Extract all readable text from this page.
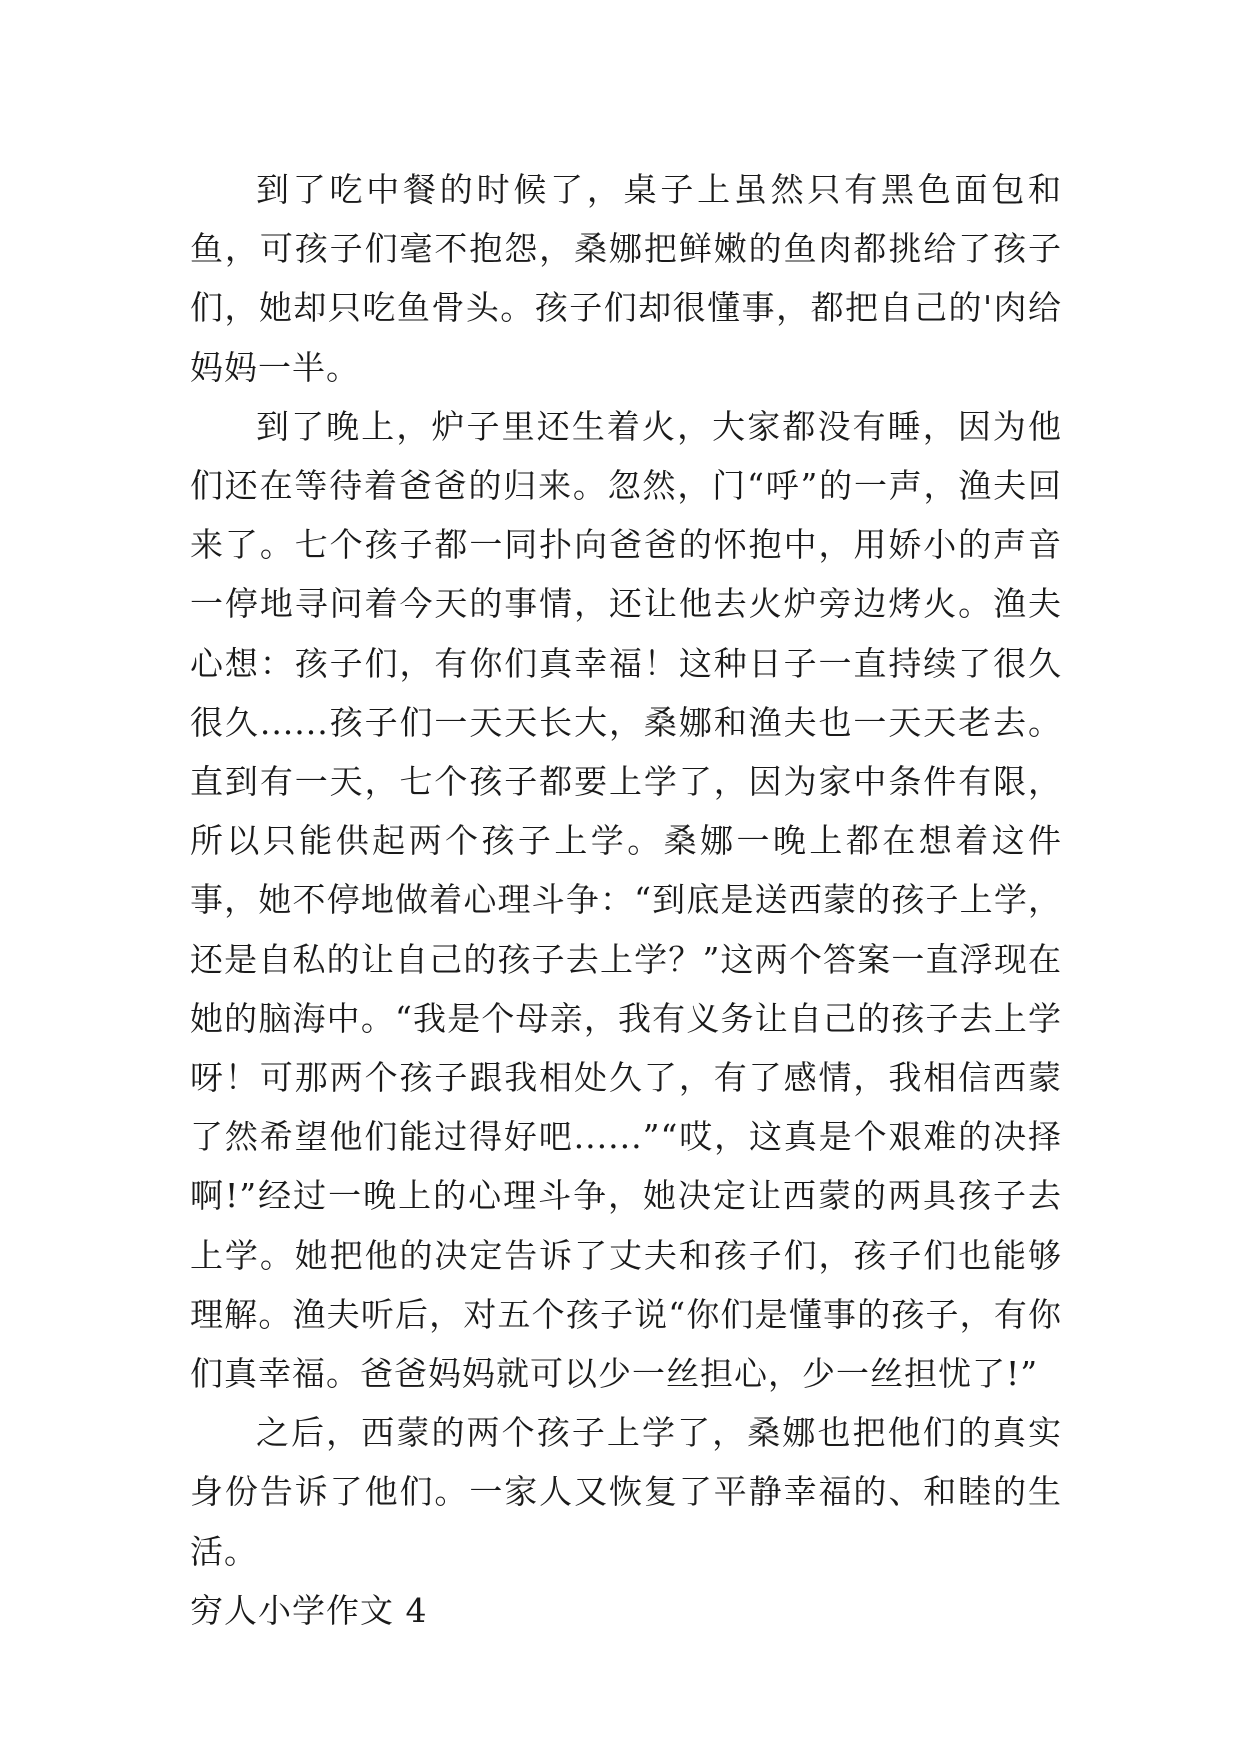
到了吃中餐的时候了，桌子上虽然只有黑色面包和鱼，可孩子们毫不抱怨，桑娜把鲜嫩的鱼肉都挑给了孩子们，她却只吃鱼骨头。孩子们却很懂事，都把自己的'肉给妈妈一半。

到了晚上，炉子里还生着火，大家都没有睡，因为他们还在等待着爸爸的归来。忽然，门“呼”的一声，渔夫回来了。七个孩子都一同扑向爸爸的怀抱中，用娇小的声音一停地寻问着今天的事情，还让他去火炉旁边烤火。渔夫心想：孩子们，有你们真幸福！这种日子一直持续了很久很久......孩子们一天天长大，桑娜和渔夫也一天天老去。直到有一天，七个孩子都要上学了，因为家中条件有限，所以只能供起两个孩子上学。桑娜一晚上都在想着这件事，她不停地做着心理斗争：“到底是送西蒙的孩子上学，还是自私的让自己的孩子去上学？”这两个答案一直浮现在她的脑海中。“我是个母亲，我有义务让自己的孩子去上学呀！可那两个孩子跟我相处久了，有了感情，我相信西蒙了然希望他们能过得好吧......”“哎，这真是个艰难的决择啊!”经过一晚上的心理斗争，她决定让西蒙的两具孩子去上学。她把他的决定告诉了丈夫和孩子们，孩子们也能够理解。渔夫听后，对五个孩子说“你们是懂事的孩子，有你们真幸福。爸爸妈妈就可以少一丝担心，少一丝担忧了!”

之后，西蒙的两个孩子上学了，桑娜也把他们的真实身份告诉了他们。一家人又恢复了平静幸福的、和睦的生活。

穷人小学作文 4
